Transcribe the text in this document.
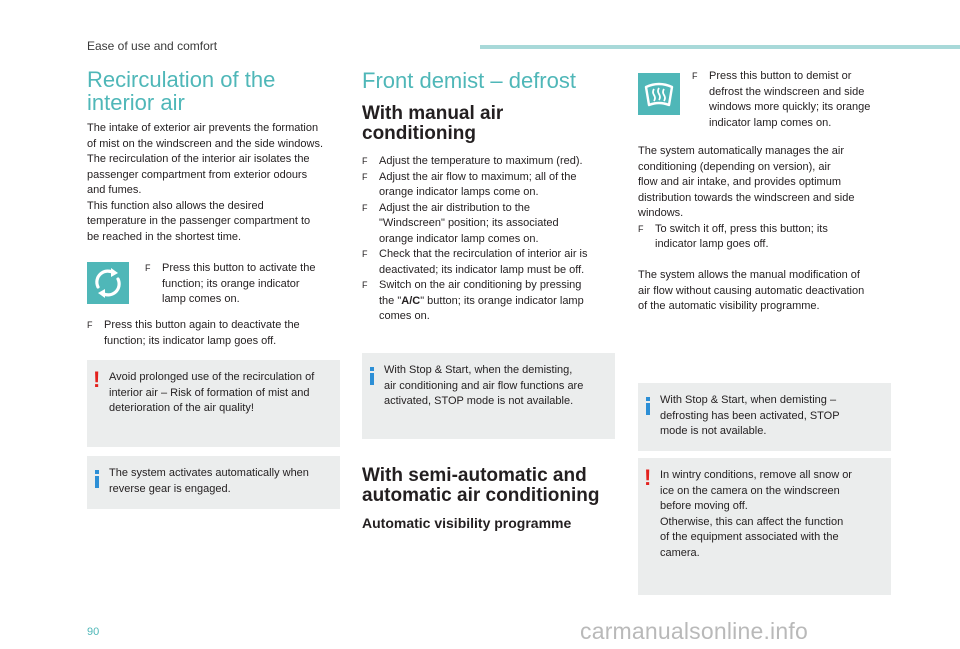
Ease of use and comfort
Recirculation of the
interior air

The intake of exterior air prevents the formation

of mist on the windscreen and the side windows.

The recirculation of the interior air isolates the

passenger compartment from exterior odours

and fumes.

This function also allows the desired

temperature in the passenger compartment to

be reached in the shortest time.

F Press this button to activate the

function; its orange indicator

lamp comes on.

F Press this button again to deactivate the

function; its indicator lamp goes off.

! Avoid prolonged use of the recirculation of
interior air – Risk of formation of mist and
deterioration of the air quality!
The system activates automatically when
reverse gear is engaged.
Front demist – defrost
With manual air
conditioning
F Adjust the temperature to maximum (red).

F Adjust the air flow to maximum; all of the

orange indicator lamps come on.

F Adjust the air distribution to the

"Windscreen" position; its associated

orange indicator lamp comes on.

F Check that the recirculation of interior air is

deactivated; its indicator lamp must be off.

F Switch on the air conditioning by pressing

the "A/C" button; its orange indicator lamp

comes on.

With Stop & Start, when the demisting,
air conditioning and air flow functions are
activated, STOP mode is not available.
With semi-automatic and
automatic air conditioning
Automatic visibility programme
F Press this button to demist or

defrost the windscreen and side

windows more quickly; its orange

indicator lamp comes on.

The system automatically manages the air

conditioning (depending on version), air

flow and air intake, and provides optimum

distribution towards the windscreen and side

windows.

F To switch it off, press this button; its

indicator lamp goes off.

The system allows the manual modification of

air flow without causing automatic deactivation

of the automatic visibility programme.

With Stop & Start, when demisting –
defrosting has been activated, STOP
mode is not available.
! In wintry conditions, remove all snow or
ice on the camera on the windscreen
before moving off.
Otherwise, this can affect the function
of the equipment associated with the
camera.
90	carmanualsonline.info
